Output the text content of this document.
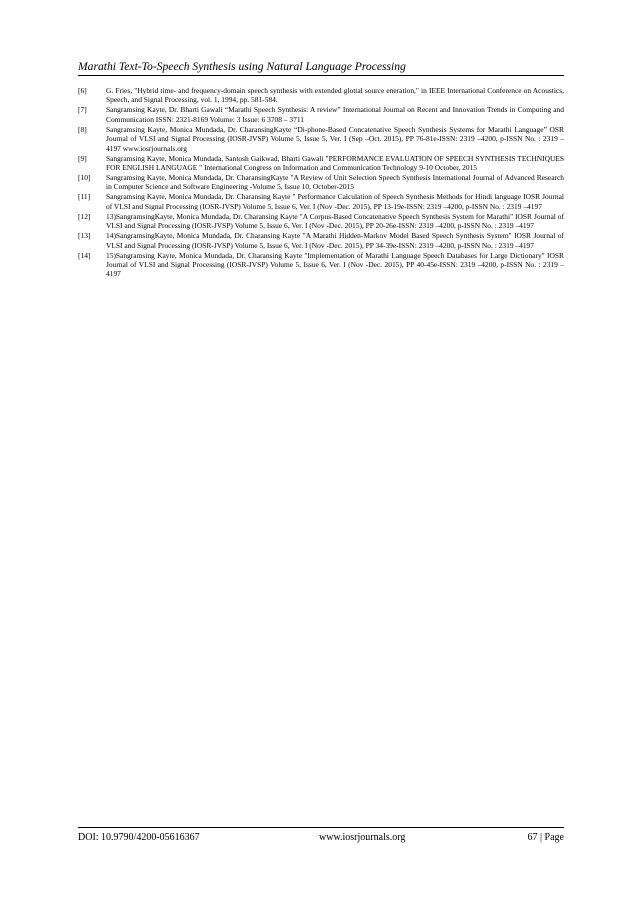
Marathi Text-To-Speech Synthesis using Natural Language Processing
[6]	G. Fries, "Hybrid time- and frequency-domain speech synthesis with extended glottal source eneration," in IEEE International Conference on Acoustics, Speech, and Signal Processing, vol. 1, 1994, pp. 581-584.
[7]	Sangramsing Kayte, Dr. Bharti Gawali “Marathi Speech Synthesis: A review” International Journal on Recent and Innovation Trends in Computing and Communication ISSN: 2321-8169 Volume: 3 Issue: 6 3708 – 3711
[8]	Sangramsing Kayte, Monica Mundada, Dr. CharansingKayte “Di-phone-Based Concatenative Speech Synthesis Systems for Marathi Language” OSR Journal of VLSI and Signal Processing (IOSR-JVSP) Volume 5, Issue 5, Ver. I (Sep –Oct. 2015), PP 76-81e-ISSN: 2319 –4200, p-ISSN No. : 2319 –4197 www.iosrjournals.org
[9]	Sangramsing Kayte, Monica Mundada, Santosh Gaikwad, Bharti Gawali "PERFORMANCE EVALUATION OF SPEECH SYNTHESIS TECHNIQUES FOR ENGLISH LANGUAGE " International Congress on Information and Communication Technology 9-10 October, 2015
[10]	Sangramsing Kayte, Monica Mundada, Dr. CharansingKayte "A Review of Unit Selection Speech Synthesis International Journal of Advanced Research in Computer Science and Software Engineering -Volume 5, Issue 10, October-2015
[11]	Sangramsing Kayte, Monica Mundada, Dr. Charansing Kayte " Performance Calculation of Speech Synthesis Methods for Hindi language IOSR Journal of VLSI and Signal Processing (IOSR-JVSP) Volume 5, Issue 6, Ver. I (Nov -Dec. 2015), PP 13-19e-ISSN: 2319 –4200, p-ISSN No. : 2319 –4197
[12]	13)SangramsingKayte, Monica Mundada, Dr. Charansing Kayte "A Corpus-Based Concatenative Speech Synthesis System for Marathi" IOSR Journal of VLSI and Signal Processing (IOSR-JVSP) Volume 5, Issue 6, Ver. I (Nov -Dec. 2015), PP 20-26e-ISSN: 2319 –4200, p-ISSN No. : 2319 –4197
[13]	14)SangramsingKayte, Monica Mundada, Dr. Charansing Kayte "A Marathi Hidden-Markov Model Based Speech Synthesis System" IOSR Journal of VLSI and Signal Processing (IOSR-JVSP) Volume 5, Issue 6, Ver. I (Nov -Dec. 2015), PP 34-39e-ISSN: 2319 –4200, p-ISSN No. : 2319 –4197
[14]	15)Sangramsing Kayte, Monica Mundada, Dr. Charansing Kayte "Implementation of Marathi Language Speech Databases for Large Dictionary" IOSR Journal of VLSI and Signal Processing (IOSR-JVSP) Volume 5, Issue 6, Ver. I (Nov -Dec. 2015), PP 40-45e-ISSN: 2319 –4200, p-ISSN No. : 2319 –4197
DOI: 10.9790/4200-05616367	www.iosrjournals.org	67 | Page
